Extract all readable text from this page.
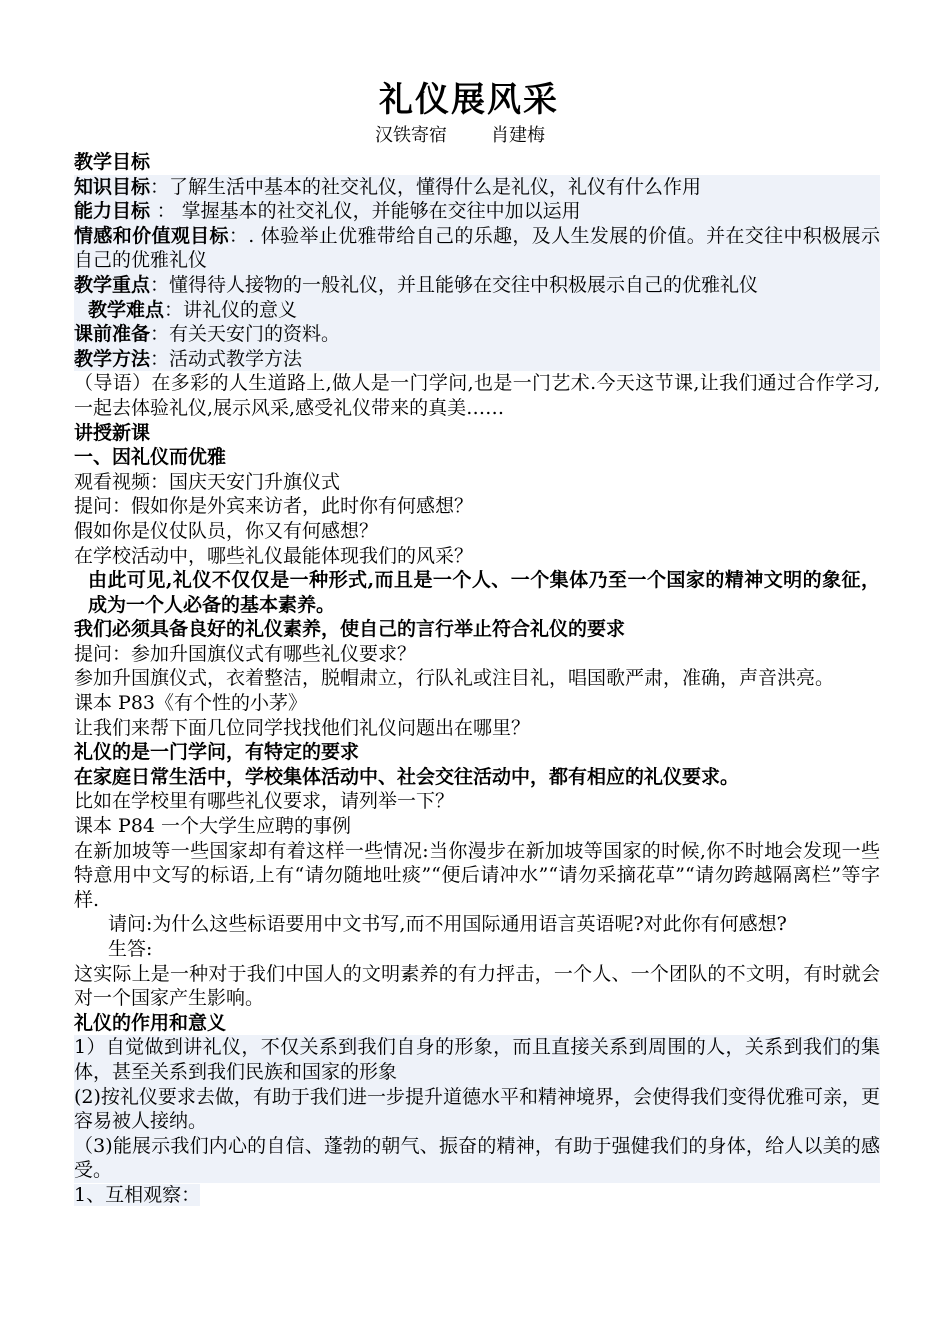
礼仪展风采
汉铁寄宿 肖建梅

教学目标

知识目标：了解生活中基本的社交礼仪，懂得什么是礼仪，礼仪有什么作用

能力目标 ： 掌握基本的社交礼仪，并能够在交往中加以运用

情感和价值观目标：. 体验举止优雅带给自己的乐趣，及人生发展的价值。并在交往中积极展示自己的优雅礼仪

教学重点：懂得待人接物的一般礼仪，并且能够在交往中积极展示自己的优雅礼仪

教学难点：讲礼仪的意义

课前准备：有关天安门的资料。

教学方法：活动式教学方法

（导语）在多彩的人生道路上,做人是一门学问,也是一门艺术.今天这节课,让我们通过合作学习,一起去体验礼仪,展示风采,感受礼仪带来的真美……

讲授新课

一、因礼仪而优雅

观看视频：国庆天安门升旗仪式

提问：假如你是外宾来访者，此时你有何感想？

假如你是仪仗队员，你又有何感想？

在学校活动中，哪些礼仪最能体现我们的风采？

由此可见,礼仪不仅仅是一种形式,而且是一个人、一个集体乃至一个国家的精神文明的象征，成为一个人必备的基本素养。

我们必须具备良好的礼仪素养，使自己的言行举止符合礼仪的要求

提问：参加升国旗仪式有哪些礼仪要求？

参加升国旗仪式，衣着整洁，脱帽肃立，行队礼或注目礼，唱国歌严肃，准确，声音洪亮。

课本 P83《有个性的小茅》

让我们来帮下面几位同学找找他们礼仪问题出在哪里？

礼仪的是一门学问，有特定的要求

在家庭日常生活中，学校集体活动中、社会交往活动中，都有相应的礼仪要求。

比如在学校里有哪些礼仪要求，请列举一下？

课本 P84 一个大学生应聘的事例

在新加坡等一些国家却有着这样一些情况:当你漫步在新加坡等国家的时候,你不时地会发现一些特意用中文写的标语,上有“请勿随地吐痰”“便后请冲水”“请勿采摘花草”“请勿跨越隔离栏”等字样.

请问:为什么这些标语要用中文书写,而不用国际通用语言英语呢?对此你有何感想?

生答:

这实际上是一种对于我们中国人的文明素养的有力抨击，一个人、一个团队的不文明，有时就会对一个国家产生影响。

礼仪的作用和意义

1）自觉做到讲礼仪，不仅关系到我们自身的形象，而且直接关系到周围的人，关系到我们的集体，甚至关系到我们民族和国家的形象

(2)按礼仪要求去做，有助于我们进一步提升道德水平和精神境界，会使得我们变得优雅可亲，更容易被人接纳。

（3)能展示我们内心的自信、蓬勃的朝气、振奋的精神，有助于强健我们的身体，给人以美的感受。

1、互相观察：
